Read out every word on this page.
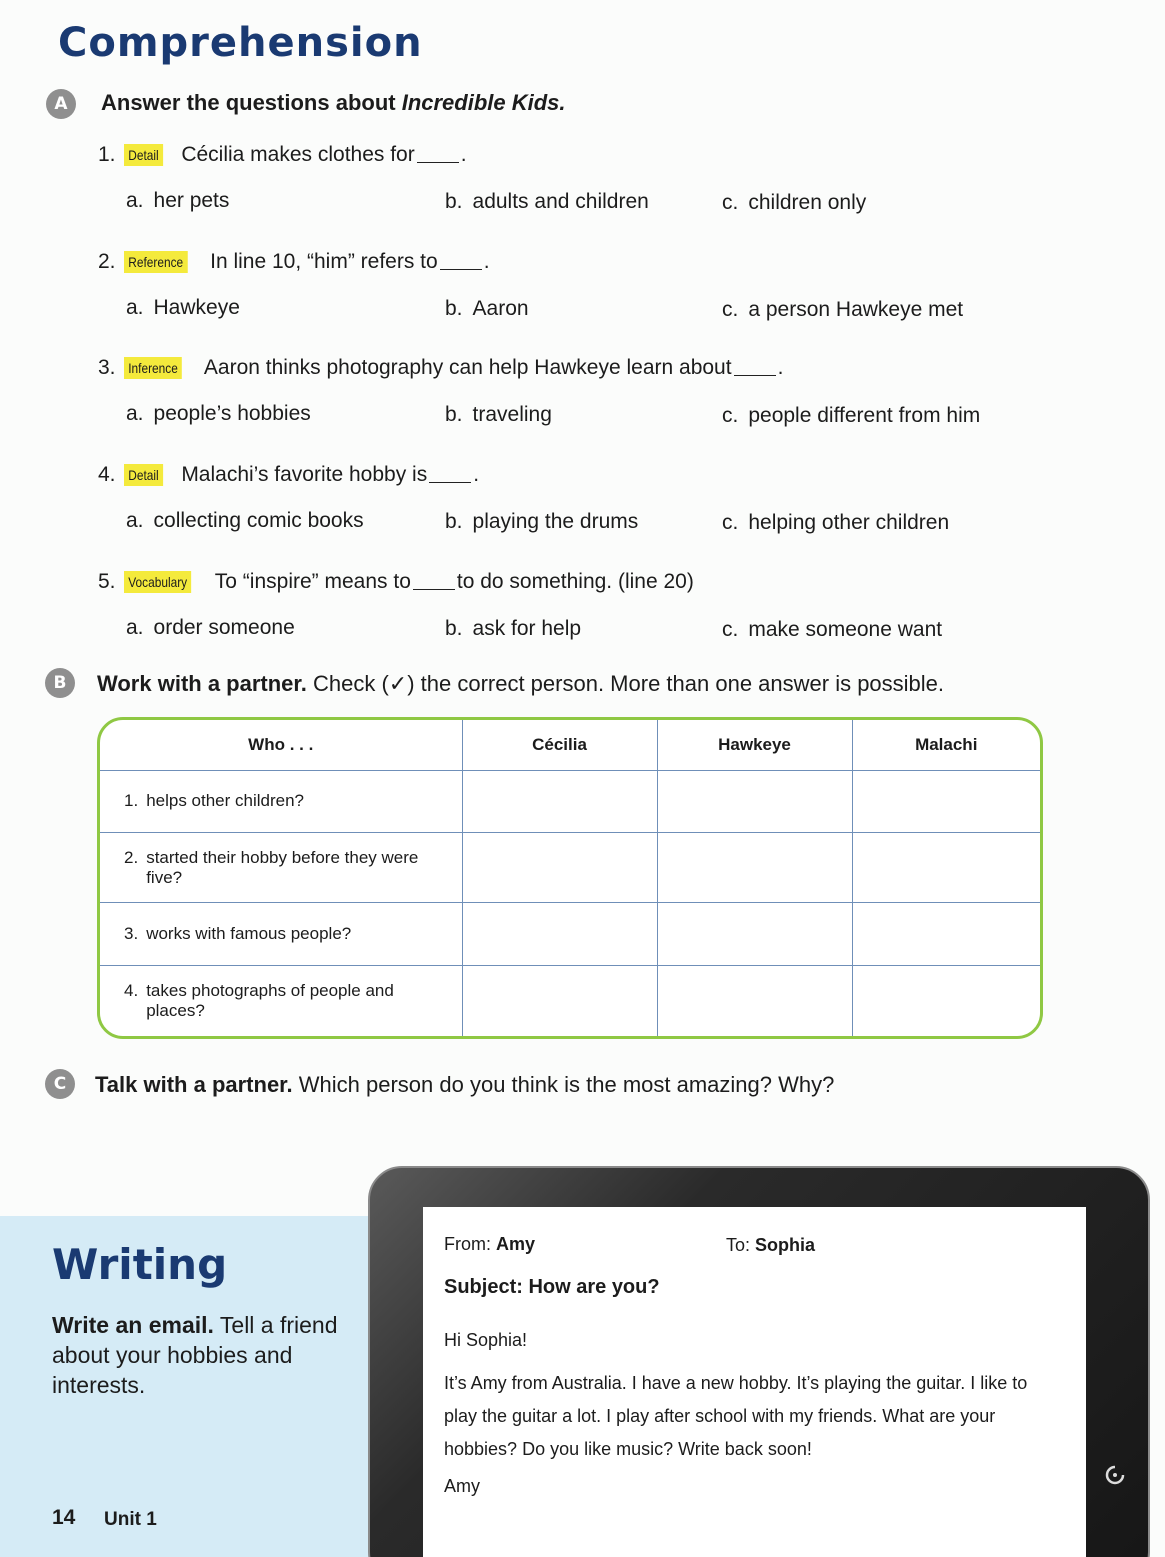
Comprehension
A	Answer the questions about Incredible Kids.
1. Detail Cécilia makes clothes for .
a. her pets	b. adults and children	c. children only
2. Reference In line 10, “him” refers to .
a. Hawkeye	b. Aaron	c. a person Hawkeye met
3. Inference Aaron thinks photography can help Hawkeye learn about .
a. people’s hobbies	b. traveling	c. people different from him
4. Detail Malachi’s favorite hobby is .
a. collecting comic books	b. playing the drums	c. helping other children
5. Vocabulary To “inspire” means to to do something. (line 20)
a. order someone	b. ask for help	c. make someone want
B	Work with a partner. Check (✓) the correct person. More than one answer is possible.
Who . . .	Cécilia	Hawkeye	Malachi

1. helps other children?			

2. started their hobby before they were five?			

3. works with famous people?			

4. takes photographs of people and places?			

C	Talk with a partner. Which person do you think is the most amazing? Why?
Writing
Write an email. Tell a friend about your hobbies and interests.
14 Unit 1
From: Amy	To: Sophia
Subject: How are you?
Hi Sophia!
It’s Amy from Australia. I have a new hobby. It’s playing the guitar. I like to play the guitar a lot. I play after school with my friends. What are your hobbies? Do you like music? Write back soon!
Amy
